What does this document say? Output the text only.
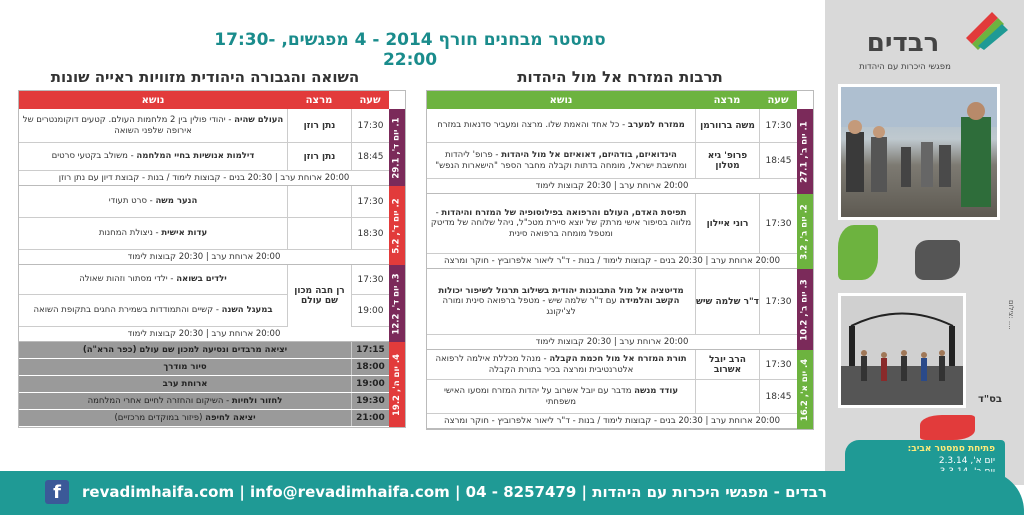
סמסטר מבחנים חורף 2014 - 4 מפגשים, 17:30-22:00
תרבות המזרח אל מול היהדות
השואה והגבורה היהודית מזוויות ראייה שונות
שעה
מרצה
נושא
1. יום ב', 27.1
17:30
משה ברוורמן
ממזרח למערב - כל אחד והאמת שלו. מרצה ומעביר סדנאות במזרח
18:45
פרופ' גיא מטלון
הינדואיזם, בודהיזם, דאואיזם אל מול היהדות - פרופ' ליהדות ומחשבת ישראל, מומחה בדתות וקבלה מחבר הספר "הישארות הנפש"
20:00 ארוחת ערב | 20:30 קבוצות לימוד
2. יום ב', 3.2
17:30
רוני איילון
תפיסת האדם, העולם והרפואה בפילוסופיה של המזרח והיהדות - מלווה בסיפור אישי מרתק של יוצא סיירת מטכ"ל, ניהל שלוחה של מדיטק ומטפל מומחה ברפואה סינית
20:00 ארוחת ערב | 20:30 בנים - קבוצות לימוד / בנות - ד"ר ליאור אלפרוביץ - חוקר ומרצה
3. יום ב', 10.2
17:30
ד"ר שלמה שיש
מדיטציה אל מול התבוננות יהודית בשילוב תרגול לשיפור יכולות הקשב והלמידה עם ד"ר שלמה שיש - מטפל ברפואה סינית ומורה לצ'יקונג
20:00 ארוחת ערב | 20:30 קבוצות לימוד
4. יום א', 16.2
17:30
הרב יובל אשרוב
תורת המזרח אל מול חכמת הקבלה - מנהל מכללת אילמה לרפואה אלטרנטיבית ומרצה בכיר בתורת הקבלה
18:45
עודד מנשה מדבר עם יובל אשרוב על יהדות המזרח ומסעו האישי משפחתי
20:00 ארוחת ערב | 20:30 בנים - קבוצות לימוד / בנות - ד"ר ליאור אלפרוביץ - חוקר ומרצה
שעה
מרצה
נושא
1. יום ד', 29.1
17:30
נתן רוזן
העולם שהיה - יהודי פולין בין 2 מלחמות העולם. קטעים דוקומנטרים של אירופה שלפני השואה
18:45
נתן רוזן
דילמות אנושיות בחיי המלחמה - משולב בקטעי סרטים
20:00 ארוחת ערב | 20:30 בנים - קבוצות לימוד / בנות - קבוצת דיון עם נתן רוזן
2. יום ד', 5.2
17:30
הנער משה - סרט תעודי
18:30
עדות אישית - ניצולת המחנות
20:00 ארוחת ערב | 20:30 קבוצות לימוד
3. יום ד', 12.2
17:30
ילדים בשואה - ילדי מסתור וזהות שאולה
19:00
במעגל השנה - קשיים והתמודדות בשמירת החגים בתקופת השואה
רן חבה מכון שם עולם
20:00 ארוחת ערב | 20:30 קבוצות לימוד
4. יום ה', 19.2
17:15
יציאה מרבדים ונסיעה למכון שם עולם (כפר הרא"ה)
18:00
סיור מודרך
19:00
ארוחת ערב
19:30
לחזור ולחיות - השיקום והחזרה לחיים אחרי המלחמה
21:00
יציאה לחיפה (פיזור במוקדים מרכזיים)
רבדים
מפגשי היכרות עם היהדות
צילום: ....
בס"ד
פתיחת סמסטר אביב:
יום א', 2.3.14
f	revadimhaifa.com | info@revadimhaifa.com | 04 - 8257479 | רבדים - מפגשי היכרות עם היהדות
